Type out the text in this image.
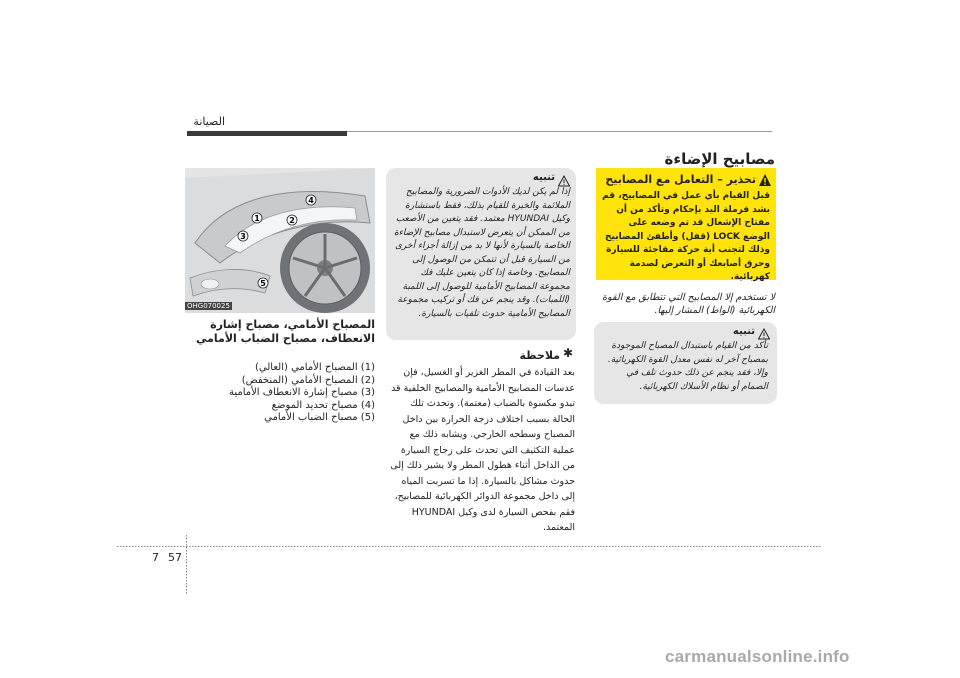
الصيانة
مصابيح الإضاءة
تحذير – التعامل مع المصابيح
قبل القيام بأي عمل في المصابيح، قم بشد فرملة اليد بإحكام وتأكد من أن مفتاح الإشعال قد تم وضعه على الوضع LOCK (قفل) وأطفئ المصابيح وذلك لتجنب أية حركة مفاجئة للسيارة وحرق أصابعك أو التعرض لصدمة كهربائية.
لا تستخدم إلا المصابيح التي تتطابق مع القوة الكهربائية (الواط) المشار إليها.
تنبيه
تأكد من القيام باستبدال المصباح الموجودة بمصباح آخر له نفس معدل القوة الكهربائية. وإلا، فقد ينجم عن ذلك حدوث تلف في الصمام أو نظام الأسلاك الكهربائية.
تنبيه
إذا لم يكن لديك الأدوات الضرورية والمصابيح الملائمة والخبرة للقيام بذلك، فقط باستشارة وكيل HYUNDAI معتمد. فقد يتعين من الأصعب من الممكن أن يتعرض لاستبدال مصابيح الإضاءة الخاصة بالسيارة لأنها لا بد من إزالة أجزاء أخرى من السيارة قبل أن تتمكن من الوصول إلى المصابيح. وخاصة إذا كان يتعين عليك فك مجموعة المصابيح الأمامية للوصول إلى اللمبة (اللمبات). وقد ينجم عن فك أو تركيب مجموعة المصابيح الأمامية حدوث تلفيات بالسيارة.
✱
ملاحظة
بعد القيادة في المطر الغزير أو الغسيل، فإن عدسات المصابيح الأمامية والمصابيح الخلفية قد تبدو مكسوة بالضباب (معتمة). وتحدث تلك الحالة بسبب اختلاف درجة الحرارة بين داخل المصباح وسطحه الخارجي. ويشابه ذلك مع عملية التكثيف التي تحدث على زجاج السيارة من الداخل أثناء هطول المطر ولا يشير ذلك إلى حدوث مشاكل بالسيارة. إذا ما تسربت المياه إلى داخل مجموعة الدوائر الكهربائية للمصابيح، فقم بفحص السيارة لدى وكيل HYUNDAI المعتمد.
1	2
3
4
5
OHG070025
المصباح الأمامي، مصباح إشارة الانعطاف، مصباح الضباب الأمامي
(1) المصباح الأمامي (العالي)
(2) المصباح الأمامي (المنخفض)
(3) مصباح إشارة الانعطاف الأمامية
(4) مصباح تحديد الموضع
(5) مصباح الضباب الأمامي
7 57
carmanualsonline.info
